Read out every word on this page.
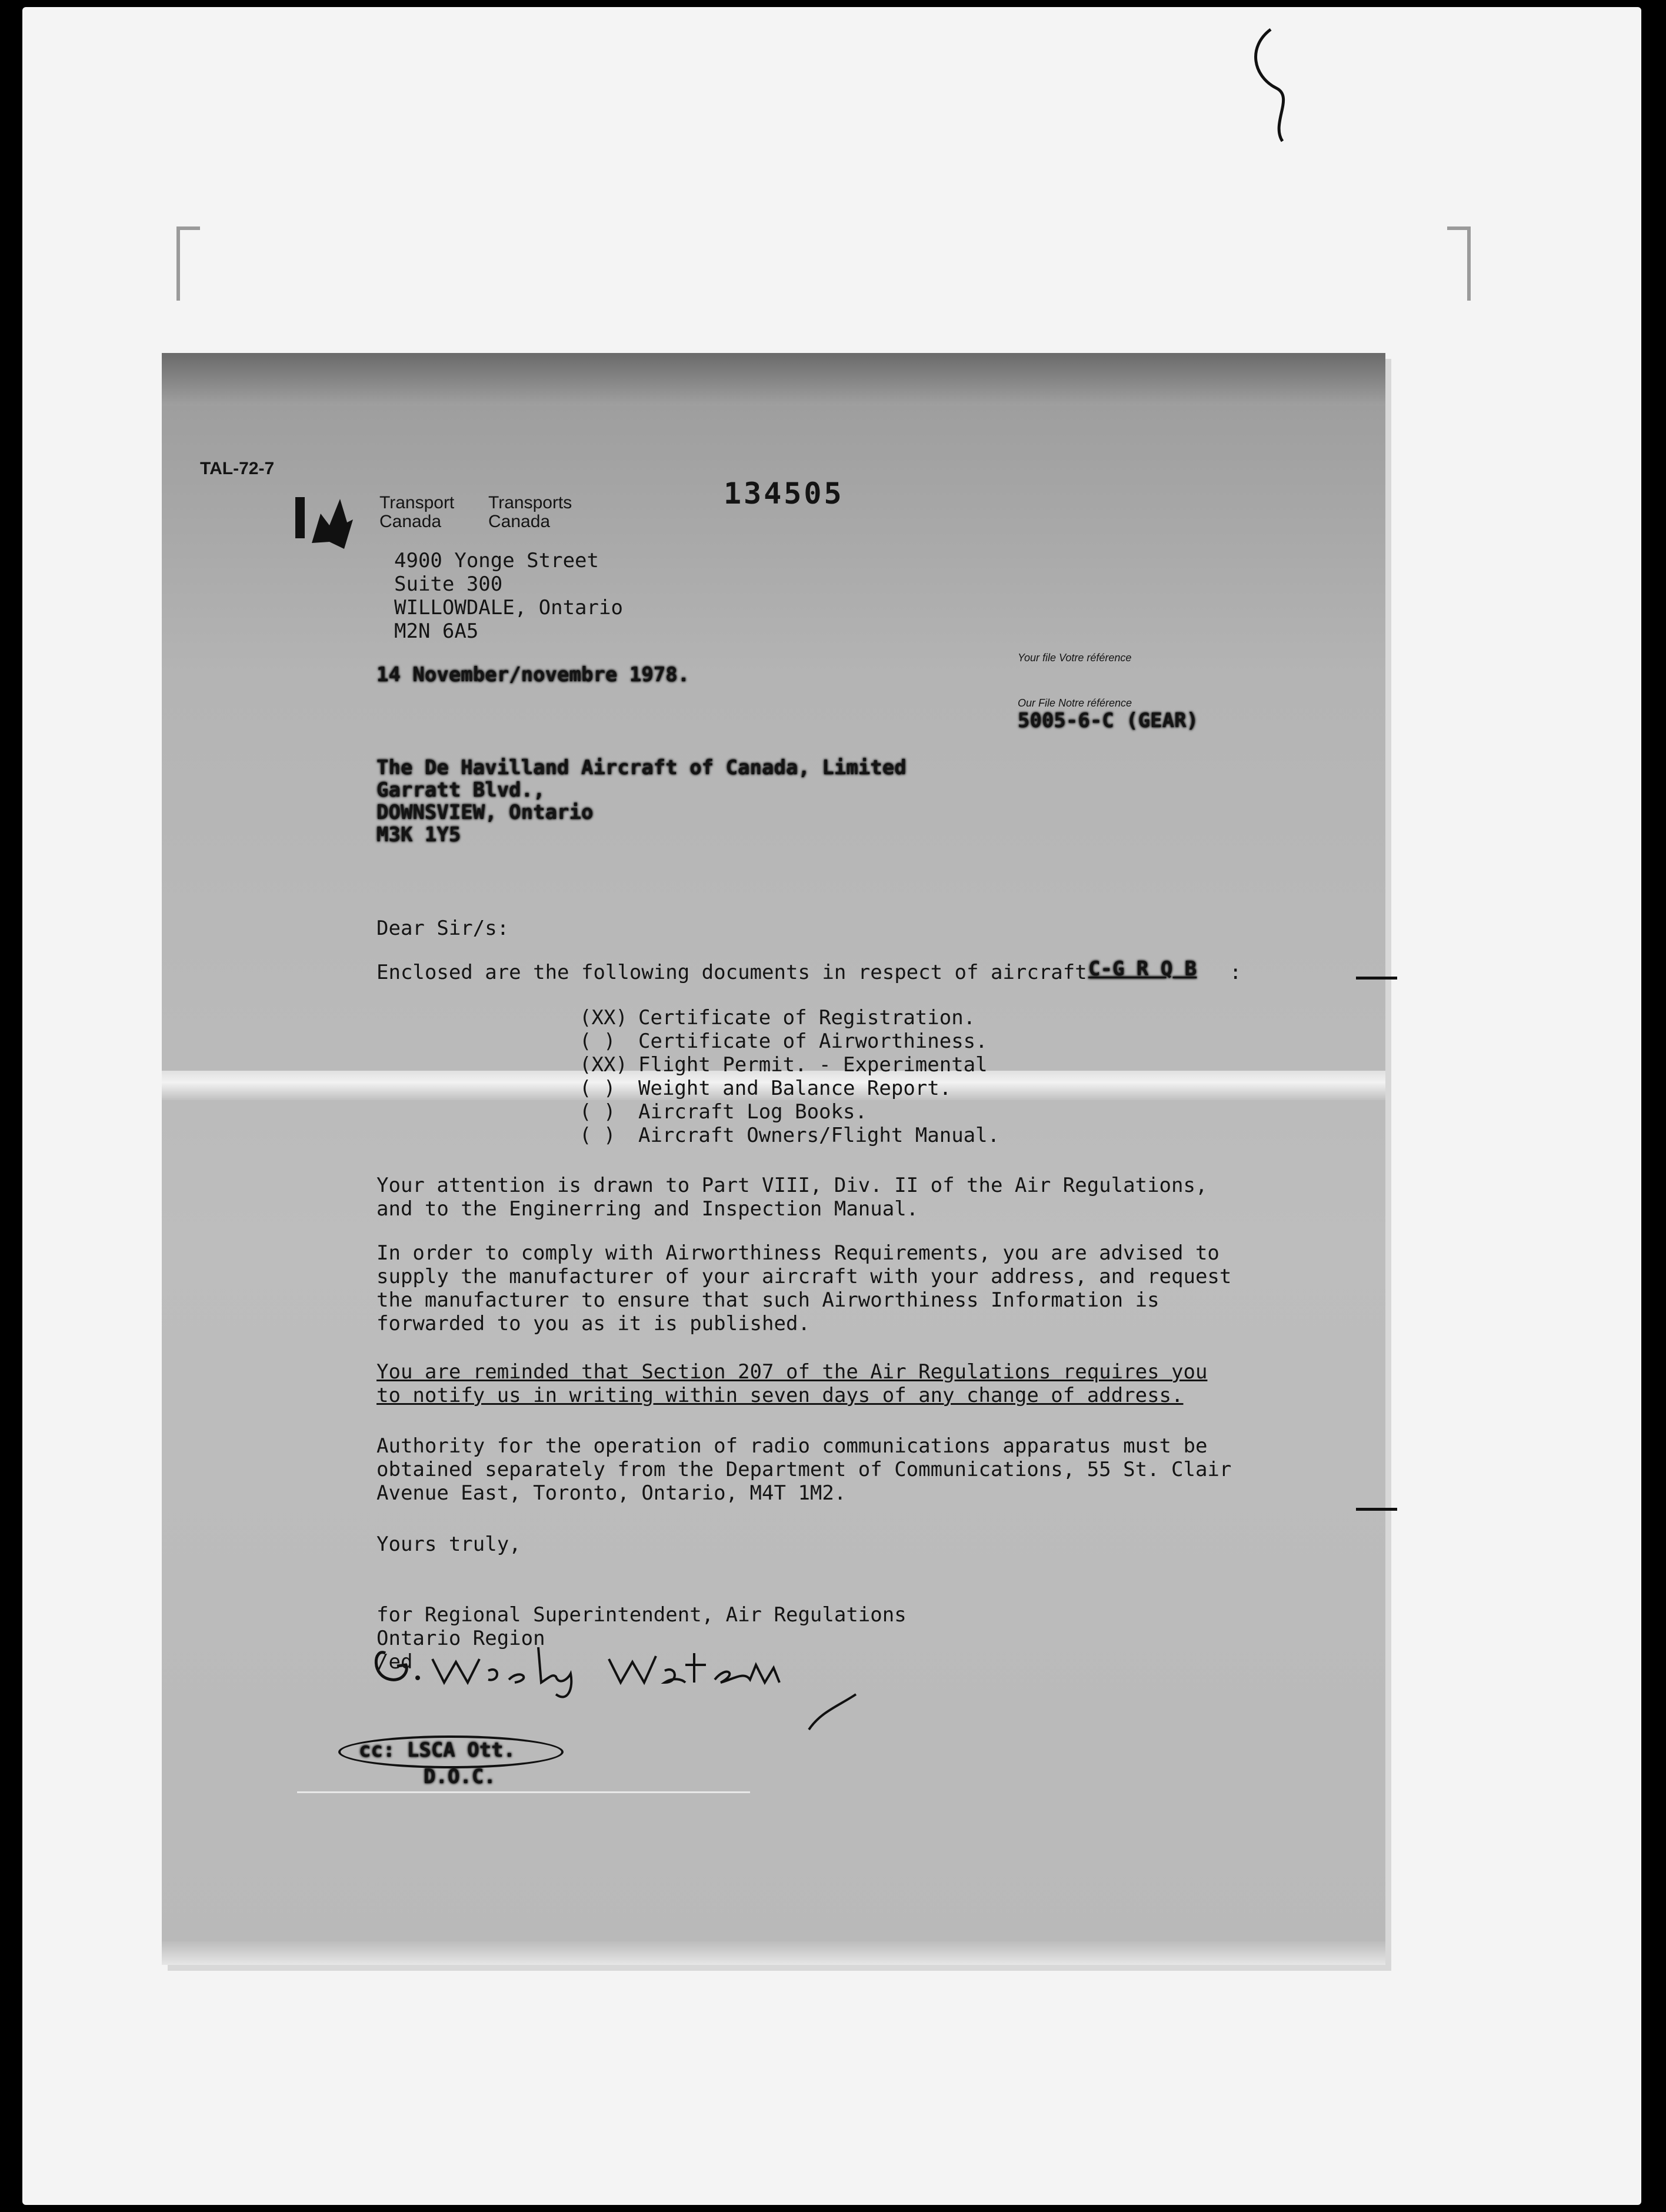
TAL-72-7
Transport
Canada
Transports
Canada
134505
4900 Yonge Street
Suite 300
WILLOWDALE, Ontario
M2N 6A5
14 November/novembre 1978.
Your file Votre référence
Our File Notre référence
5005-6-C (GEAR)
The De Havilland Aircraft of Canada, Limited
Garratt Blvd.,
DOWNSVIEW, Ontario
M3K 1Y5
Dear Sir/s:
Enclosed are the following documents in respect of aircraft C-G R Q B :
(XX) Certificate of Registration.
( ) Certificate of Airworthiness.
(XX) Flight Permit. - Experimental
( ) Weight and Balance Report.
( ) Aircraft Log Books.
( ) Aircraft Owners/Flight Manual.
Your attention is drawn to Part VIII, Div. II of the Air Regulations,
and to the Enginerring and Inspection Manual.
In order to comply with Airworthiness Requirements, you are advised to
supply the manufacturer of your aircraft with your address, and request
the manufacturer to ensure that such Airworthiness Information is
forwarded to you as it is published.
You are reminded that Section 207 of the Air Regulations requires you
to notify us in writing within seven days of any change of address.
Authority for the operation of radio communications apparatus must be
obtained separately from the Department of Communications, 55 St. Clair
Avenue East, Toronto, Ontario, M4T 1M2.
Yours truly,
for Regional Superintendent, Air Regulations
Ontario Region
/ed
cc: LSCA Ott.
D.O.C.
